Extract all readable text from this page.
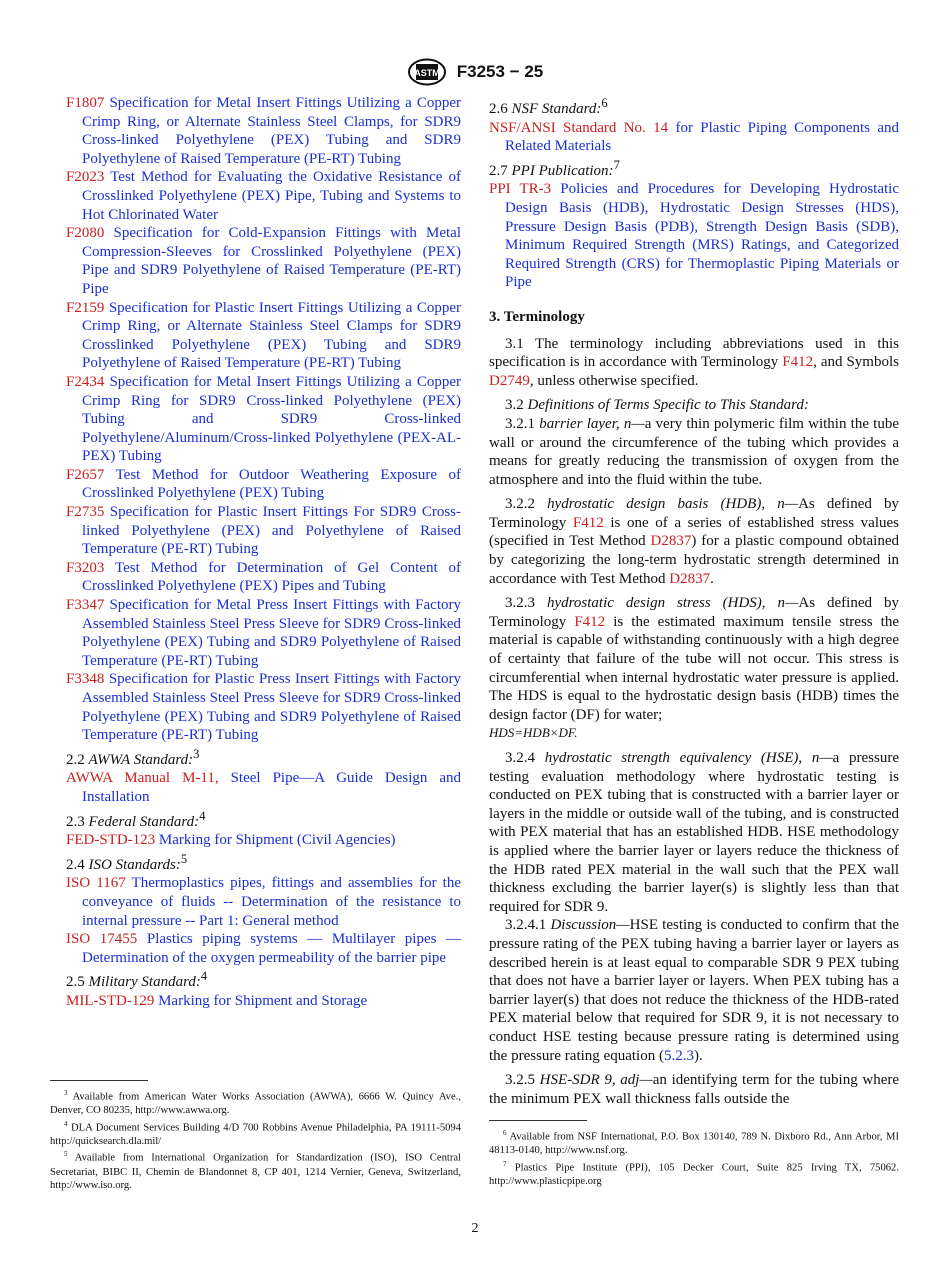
ASTM F3253 − 25
F1807 Specification for Metal Insert Fittings Utilizing a Copper Crimp Ring, or Alternate Stainless Steel Clamps, for SDR9 Cross-linked Polyethylene (PEX) Tubing and SDR9 Polyethylene of Raised Temperature (PE-RT) Tubing
F2023 Test Method for Evaluating the Oxidative Resistance of Crosslinked Polyethylene (PEX) Pipe, Tubing and Systems to Hot Chlorinated Water
F2080 Specification for Cold-Expansion Fittings with Metal Compression-Sleeves for Crosslinked Polyethylene (PEX) Pipe and SDR9 Polyethylene of Raised Temperature (PE-RT) Pipe
F2159 Specification for Plastic Insert Fittings Utilizing a Copper Crimp Ring, or Alternate Stainless Steel Clamps for SDR9 Crosslinked Polyethylene (PEX) Tubing and SDR9 Polyethylene of Raised Temperature (PE-RT) Tubing
F2434 Specification for Metal Insert Fittings Utilizing a Copper Crimp Ring for SDR9 Cross-linked Polyethylene (PEX) Tubing and SDR9 Cross-linked Polyethylene/Aluminum/Cross-linked Polyethylene (PEX-AL-PEX) Tubing
F2657 Test Method for Outdoor Weathering Exposure of Crosslinked Polyethylene (PEX) Tubing
F2735 Specification for Plastic Insert Fittings For SDR9 Cross-linked Polyethylene (PEX) and Polyethylene of Raised Temperature (PE-RT) Tubing
F3203 Test Method for Determination of Gel Content of Crosslinked Polyethylene (PEX) Pipes and Tubing
F3347 Specification for Metal Press Insert Fittings with Factory Assembled Stainless Steel Press Sleeve for SDR9 Cross-linked Polyethylene (PEX) Tubing and SDR9 Polyethylene of Raised Temperature (PE-RT) Tubing
F3348 Specification for Plastic Press Insert Fittings with Factory Assembled Stainless Steel Press Sleeve for SDR9 Cross-linked Polyethylene (PEX) Tubing and SDR9 Polyethylene of Raised Temperature (PE-RT) Tubing

2.2 AWWA Standard:$^3$

AWWA Manual M-11, Steel Pipe—A Guide Design and Installation

2.3 Federal Standard:$^4$

FED-STD-123 Marking for Shipment (Civil Agencies)

2.4 ISO Standards:$^5$

ISO 1167 Thermoplastics pipes, fittings and assemblies for the conveyance of fluids -- Determination of the resistance to internal pressure -- Part 1: General method
ISO 17455 Plastics piping systems — Multilayer pipes — Determination of the oxygen permeability of the barrier pipe

2.5 Military Standard:$^4$

MIL-STD-129 Marking for Shipment and Storage

2.6 NSF Standard:$^6$

NSF/ANSI Standard No. 14 for Plastic Piping Components and Related Materials

2.7 PPI Publication:$^7$

PPI TR-3 Policies and Procedures for Developing Hydrostatic Design Basis (HDB), Hydrostatic Design Stresses (HDS), Pressure Design Basis (PDB), Strength Design Basis (SDB), Minimum Required Strength (MRS) Ratings, and Categorized Required Strength (CRS) for Thermoplastic Piping Materials or Pipe
3. Terminology

3.1 The terminology including abbreviations used in this specification is in accordance with Terminology F412, and Symbols D2749, unless otherwise specified.

3.2 Definitions of Terms Specific to This Standard:

3.2.1 barrier layer, n—a very thin polymeric film within the tube wall or around the circumference of the tubing which provides a means for greatly reducing the transmission of oxygen from the atmosphere and into the fluid within the tube.

3.2.2 hydrostatic design basis (HDB), n—As defined by Terminology F412 is one of a series of established stress values (specified in Test Method D2837) for a plastic compound obtained by categorizing the long-term hydrostatic strength determined in accordance with Test Method D2837.

3.2.3 hydrostatic design stress (HDS), n—As defined by Terminology F412 is the estimated maximum tensile stress the material is capable of withstanding continuously with a high degree of certainty that failure of the tube will not occur. This stress is circumferential when internal hydrostatic water pressure is applied. The HDS is equal to the hydrostatic design basis (HDB) times the design factor (DF) for water;

HDS=HDB×DF.

3.2.4 hydrostatic strength equivalency (HSE), n—a pressure testing evaluation methodology where hydrostatic testing is conducted on PEX tubing that is constructed with a barrier layer or layers in the middle or outside wall of the tubing, and is constructed with PEX material that has an established HDB. HSE methodology is applied where the barrier layer or layers reduce the thickness of the HDB rated PEX material in the wall such that the PEX wall thickness excluding the barrier layer(s) is slightly less than that required for SDR 9.

3.2.4.1 Discussion—HSE testing is conducted to confirm that the pressure rating of the PEX tubing having a barrier layer or layers as described herein is at least equal to comparable SDR 9 PEX tubing that does not have a barrier layer or layers. When PEX tubing has a barrier layer(s) that does not reduce the thickness of the HDB-rated PEX material below that required for SDR 9, it is not necessary to conduct HSE testing because pressure rating is determined using the pressure rating equation (5.2.3).

3.2.5 HSE-SDR 9, adj—an identifying term for the tubing where the minimum PEX wall thickness falls outside the

$^3$ Available from American Water Works Association (AWWA), 6666 W. Quincy Ave., Denver, CO 80235, http://www.awwa.org.

$^4$ DLA Document Services Building 4/D 700 Robbins Avenue Philadelphia, PA 19111-5094 http://quicksearch.dla.mil/

$^5$ Available from International Organization for Standardization (ISO), ISO Central Secretariat, BIBC II, Chemin de Blandonnet 8, CP 401, 1214 Vernier, Geneva, Switzerland, http://www.iso.org.

$^6$ Available from NSF International, P.O. Box 130140, 789 N. Dixboro Rd., Ann Arbor, MI 48113-0140, http://www.nsf.org.

$^7$ Plastics Pipe Institute (PPI), 105 Decker Court, Suite 825 Irving TX, 75062. http://www.plasticpipe.org

2
